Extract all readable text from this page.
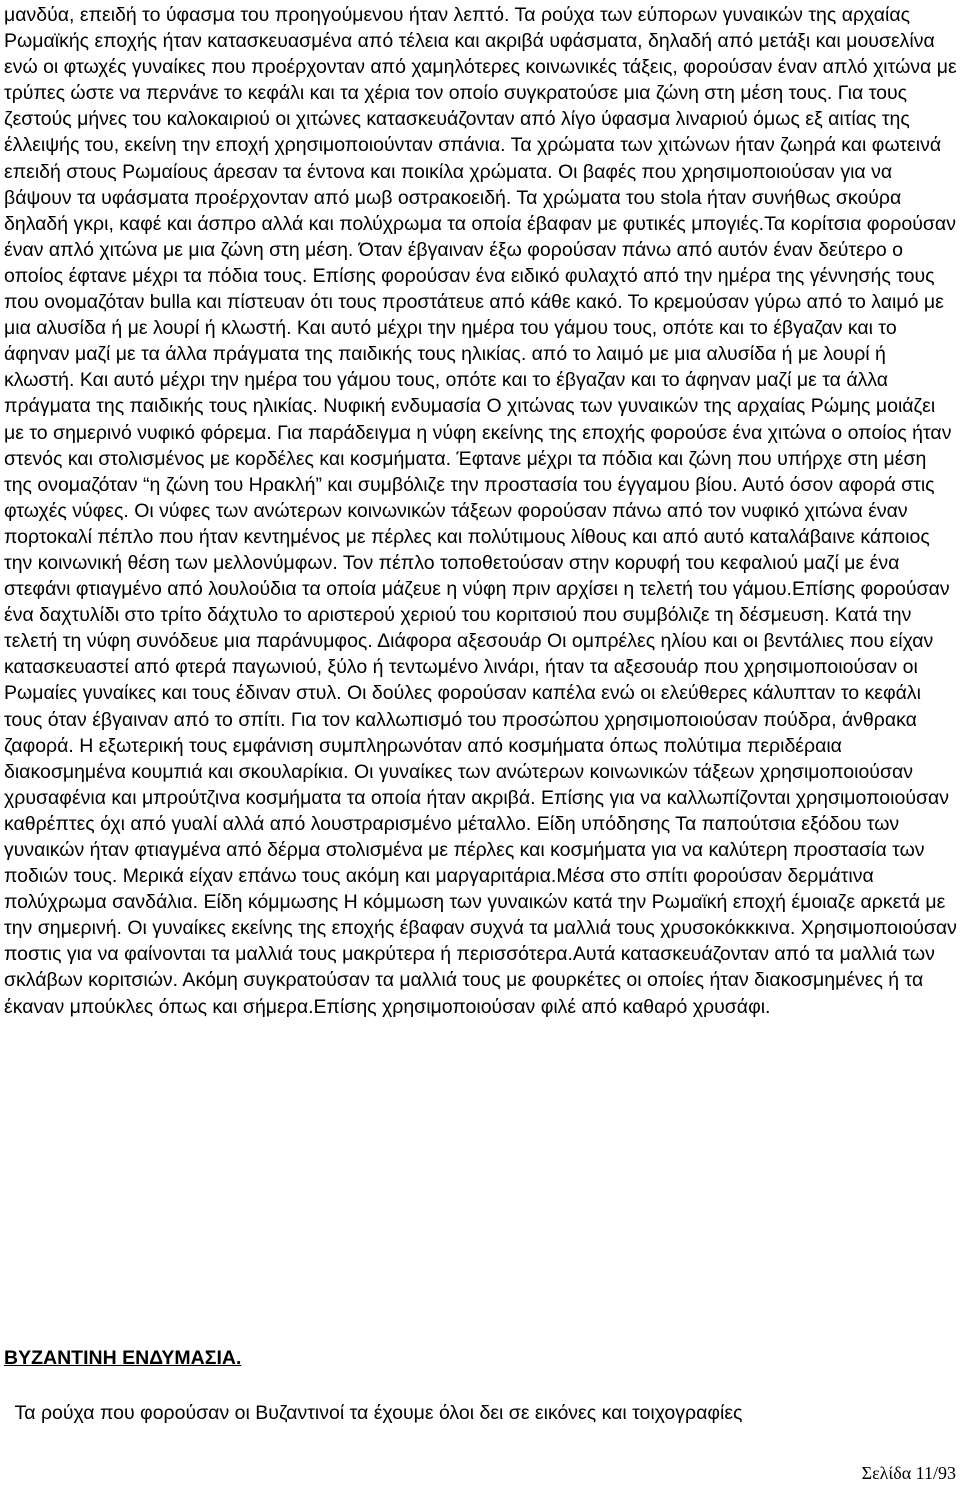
μανδύα, επειδή το ύφασμα του προηγούμενου ήταν λεπτό. Τα ρούχα των εύπορων γυναικών της αρχαίας Ρωμαϊκής εποχής ήταν κατασκευασμένα από τέλεια και ακριβά υφάσματα, δηλαδή από μετάξι και μουσελίνα ενώ οι φτωχές γυναίκες που προέρχονταν από χαμηλότερες κοινωνικές τάξεις, φορούσαν έναν απλό χιτώνα με τρύπες ώστε να περνάνε το κεφάλι και τα χέρια τον οποίο συγκρατούσε μια ζώνη στη μέση τους. Για τους ζεστούς μήνες του καλοκαιριού οι χιτώνες κατασκευάζονταν από λίγο ύφασμα λιναριού όμως εξ αιτίας της έλλειψής του, εκείνη την εποχή χρησιμοποιούνταν σπάνια. Τα χρώματα των χιτώνων ήταν ζωηρά και φωτεινά επειδή στους Ρωμαίους άρεσαν τα έντονα και ποικίλα χρώματα. Οι βαφές που χρησιμοποιούσαν για να βάψουν τα υφάσματα προέρχονταν από μωβ οστρακοειδή. Τα χρώματα του stola ήταν συνήθως σκούρα δηλαδή γκρι, καφέ και άσπρο αλλά και πολύχρωμα τα οποία έβαφαν με φυτικές μπογιές.Τα κορίτσια φορούσαν έναν απλό χιτώνα με μια ζώνη στη μέση. Όταν έβγαιναν έξω φορούσαν πάνω από αυτόν έναν δεύτερο ο οποίος έφτανε μέχρι τα πόδια τους. Επίσης φορούσαν ένα ειδικό φυλαχτό από την ημέρα της γέννησής τους που ονομαζόταν bulla και πίστευαν ότι τους προστάτευε από κάθε κακό. Το κρεμούσαν γύρω από το λαιμό με μια αλυσίδα ή με λουρί ή κλωστή. Και αυτό μέχρι την ημέρα του γάμου τους, οπότε και το έβγαζαν και το άφηναν μαζί με τα άλλα πράγματα της παιδικής τους ηλικίας. από το λαιμό με μια αλυσίδα ή με λουρί ή κλωστή. Και αυτό μέχρι την ημέρα του γάμου τους, οπότε και το έβγαζαν και το άφηναν μαζί με τα άλλα πράγματα της παιδικής τους ηλικίας. Νυφική ενδυμασία Ο χιτώνας των γυναικών της αρχαίας Ρώμης μοιάζει με το σημερινό νυφικό φόρεμα. Για παράδειγμα η νύφη εκείνης της εποχής φορούσε ένα χιτώνα ο οποίος ήταν στενός και στολισμένος με κορδέλες και κοσμήματα. Έφτανε μέχρι τα πόδια και ζώνη που υπήρχε στη μέση της ονομαζόταν “η ζώνη του Ηρακλή” και συμβόλιζε την προστασία του έγγαμου βίου. Αυτό όσον αφορά στις φτωχές νύφες. Οι νύφες των ανώτερων κοινωνικών τάξεων φορούσαν πάνω από τον νυφικό χιτώνα έναν πορτοκαλί πέπλο που ήταν κεντημένος με πέρλες και πολύτιμους λίθους και από αυτό καταλάβαινε κάποιος την κοινωνική θέση των μελλονύμφων. Τον πέπλο τοποθετούσαν στην κορυφή του κεφαλιού μαζί με ένα στεφάνι φτιαγμένο από λουλούδια τα οποία μάζευε η νύφη πριν αρχίσει η τελετή του γάμου.Επίσης φορούσαν ένα δαχτυλίδι στο τρίτο δάχτυλο το αριστερού χεριού του κοριτσιού που συμβόλιζε τη δέσμευση. Κατά την τελετή τη νύφη συνόδευε μια παράνυμφος. Διάφορα αξεσουάρ Οι ομπρέλες ηλίου και οι βεντάλιες που είχαν κατασκευαστεί από φτερά παγωνιού, ξύλο ή τεντωμένο λινάρι, ήταν τα αξεσουάρ που χρησιμοποιούσαν οι Ρωμαίες γυναίκες και τους έδιναν στυλ. Οι δούλες φορούσαν καπέλα ενώ οι ελεύθερες κάλυπταν το κεφάλι τους όταν έβγαιναν από το σπίτι. Για τον καλλωπισμό του προσώπου χρησιμοποιούσαν πούδρα, άνθρακα ζαφορά. Η εξωτερική τους εμφάνιση συμπληρωνόταν από κοσμήματα όπως πολύτιμα περιδέραια διακοσμημένα κουμπιά και σκουλαρίκια. Οι γυναίκες των ανώτερων κοινωνικών τάξεων χρησιμοποιούσαν χρυσαφένια και μπρούτζινα κοσμήματα τα οποία ήταν ακριβά. Επίσης για να καλλωπίζονται χρησιμοποιούσαν καθρέπτες όχι από γυαλί αλλά από λουστραρισμένο μέταλλο. Είδη υπόδησης Τα παπούτσια εξόδου των γυναικών ήταν φτιαγμένα από δέρμα στολισμένα με πέρλες και κοσμήματα για να καλύτερη προστασία των ποδιών τους. Μερικά είχαν επάνω τους ακόμη και μαργαριτάρια.Μέσα στο σπίτι φορούσαν δερμάτινα πολύχρωμα σανδάλια. Είδη κόμμωσης Η κόμμωση των γυναικών κατά την Ρωμαϊκή εποχή έμοιαζε αρκετά με την σημερινή. Οι γυναίκες εκείνης της εποχής έβαφαν συχνά τα μαλλιά τους χρυσοκόκκκινα. Χρησιμοποιούσαν ποστις για να φαίνονται τα μαλλιά τους μακρύτερα ή περισσότερα.Αυτά κατασκευάζονταν από τα μαλλιά των σκλάβων κοριτσιών. Ακόμη συγκρατούσαν τα μαλλιά τους με φουρκέτες οι οποίες ήταν διακοσμημένες ή τα έκαναν μπούκλες όπως και σήμερα.Επίσης χρησιμοποιούσαν φιλέ από καθαρό χρυσάφι.

ΒΥΖΑΝΤΙΝΗ ΕΝΔΥΜΑΣΙΑ.

Τα ρούχα που φορούσαν οι Βυζαντινοί τα έχουμε όλοι δει σε εικόνες και τοιχογραφίες

Σελίδα 11/93
